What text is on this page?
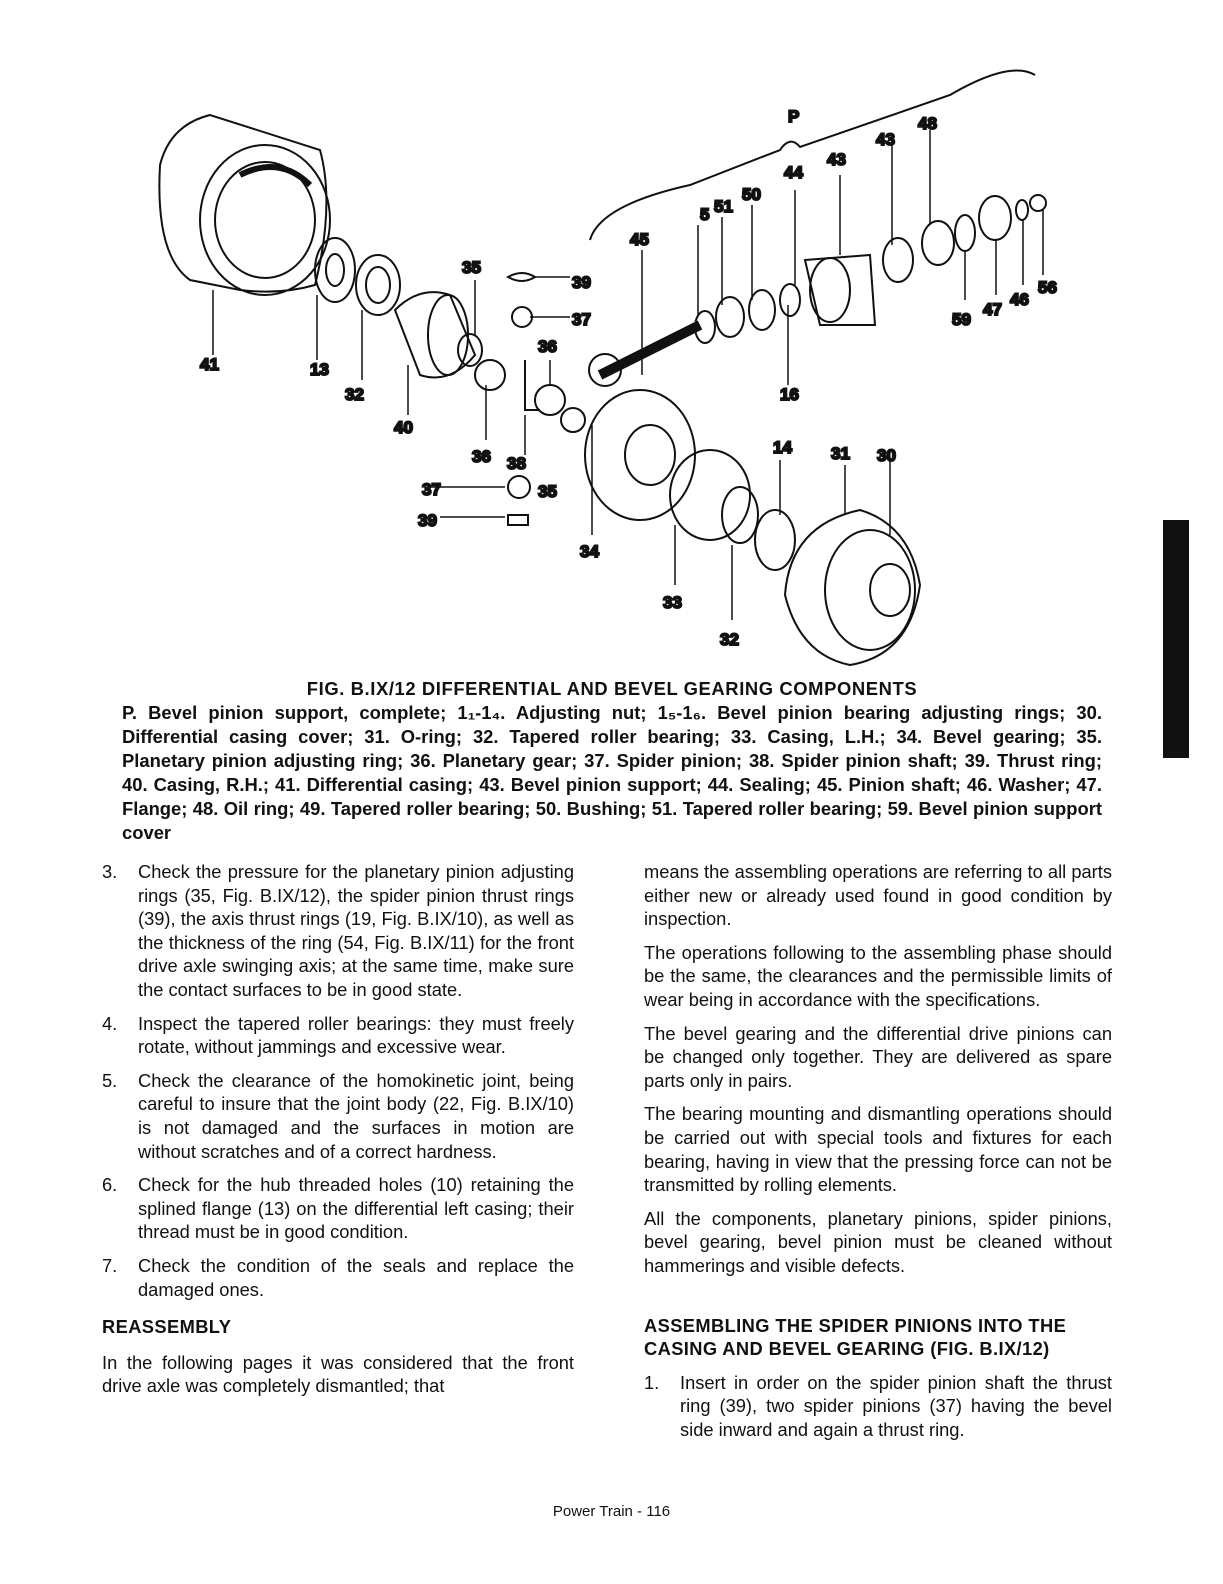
P	48
43
43
44
50
51
5
45
35
39
37
36
41	13
32
40
36 38
37	35
39
34
33
32
14 31 30
16
59
47
46
56
FIG. B.IX/12 DIFFERENTIAL AND BEVEL GEARING COMPONENTS
P. Bevel pinion support, complete; 1₁-1₄. Adjusting nut; 1₅-1₆. Bevel pinion bearing adjusting rings; 30. Differential casing cover; 31. O-ring; 32. Tapered roller bearing; 33. Casing, L.H.; 34. Bevel gearing; 35. Planetary pinion adjusting ring; 36. Planetary gear; 37. Spider pinion; 38. Spider pinion shaft; 39. Thrust ring; 40. Casing, R.H.; 41. Differential casing; 43. Bevel pinion support; 44. Sealing; 45. Pinion shaft; 46. Washer; 47. Flange; 48. Oil ring; 49. Tapered roller bearing; 50. Bushing; 51. Tapered roller bearing; 59. Bevel pinion support cover
3.	Check the pressure for the planetary pinion adjusting rings (35, Fig. B.IX/12), the spider pinion thrust rings (39), the axis thrust rings (19, Fig. B.IX/10), as well as the thickness of the ring (54, Fig. B.IX/11) for the front drive axle swinging axis; at the same time, make sure the contact surfaces to be in good state.
4.	Inspect the tapered roller bearings: they must freely rotate, without jammings and excessive wear.
5.	Check the clearance of the homokinetic joint, being careful to insure that the joint body (22, Fig. B.IX/10) is not damaged and the surfaces in motion are without scratches and of a correct hardness.
6.	Check for the hub threaded holes (10) retaining the splined flange (13) on the differential left casing; their thread must be in good condition.
7.	Check the condition of the seals and replace the damaged ones.
REASSEMBLY

In the following pages it was considered that the front drive axle was completely dismantled; that

means the assembling operations are referring to all parts either new or already used found in good condition by inspection.

The operations following to the assembling phase should be the same, the clearances and the permissible limits of wear being in accordance with the specifications.

The bevel gearing and the differential drive pinions can be changed only together. They are delivered as spare parts only in pairs.

The bearing mounting and dismantling operations should be carried out with special tools and fixtures for each bearing, having in view that the pressing force can not be transmitted by rolling elements.

All the components, planetary pinions, spider pinions, bevel gearing, bevel pinion must be cleaned without hammerings and visible defects.

ASSEMBLING THE SPIDER PINIONS INTO THE CASING AND BEVEL GEARING (FIG. B.IX/12)
1.	Insert in order on the spider pinion shaft the thrust ring (39), two spider pinions (37) having the bevel side inward and again a thrust ring.
Power Train - 116
